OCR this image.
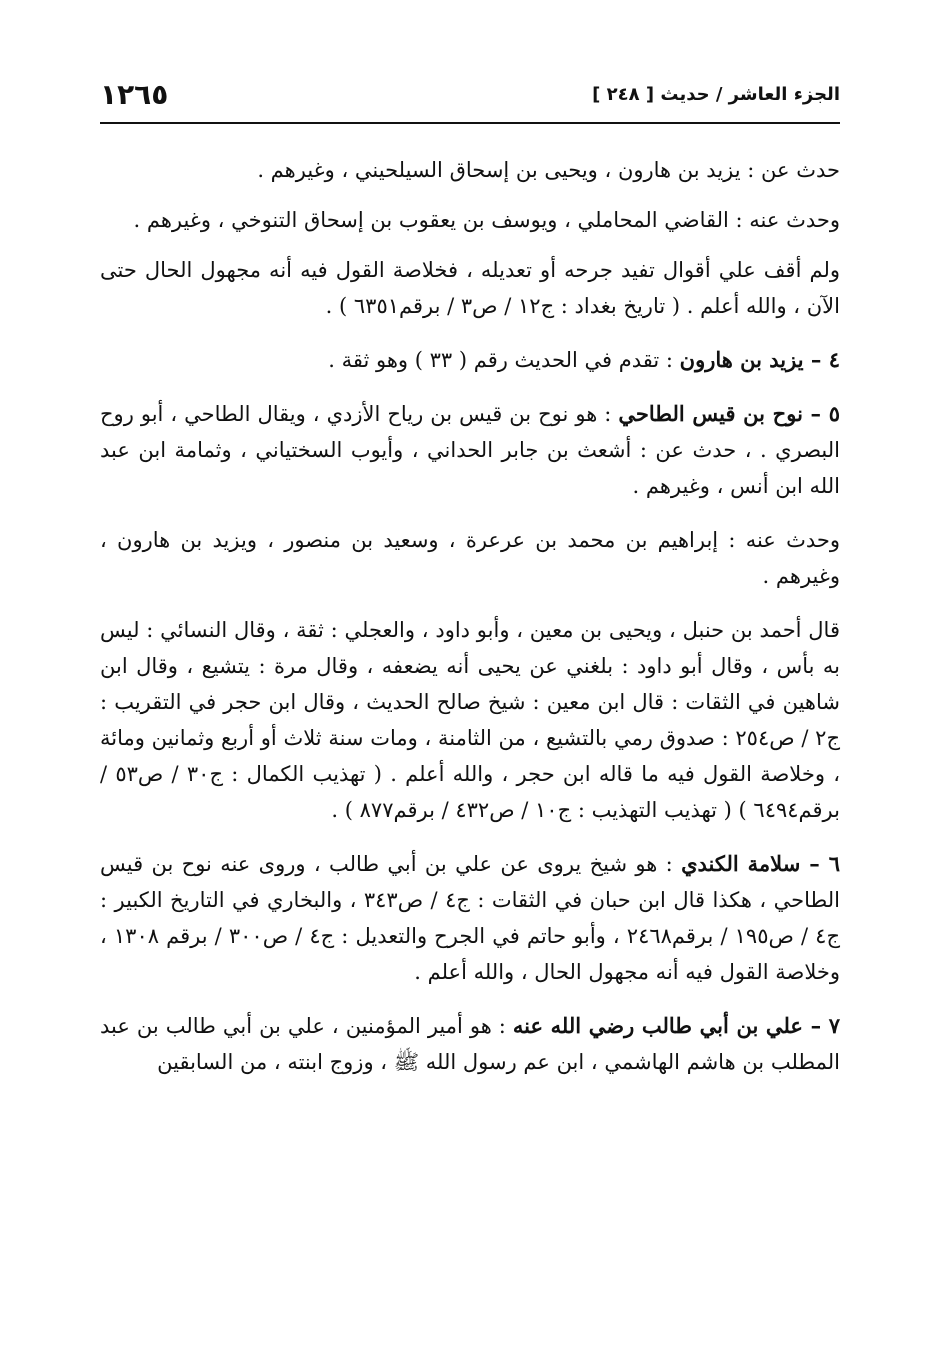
الجزء العاشر / حديث [ ٢٤٨ ]
١٢٦٥

حدث عن : يزيد بن هارون ، ويحيى بن إسحاق السيلحيني ، وغيرهم .

وحدث عنه : القاضي المحاملي ، ويوسف بن يعقوب بن إسحاق التنوخي ، وغيرهم .

ولم أقف علي أقوال تفيد جرحه أو تعديله ، فخلاصة القول فيه أنه مجهول الحال حتى الآن ، والله أعلم . ( تاريخ بغداد : ج١٢ / ص٣ / برقم٦٣٥١ ) .

٤ – يزيد بن هارون : تقدم في الحديث رقم ( ٣٣ ) وهو ثقة .

٥ – نوح بن قيس الطاحي : هو نوح بن قيس بن رياح الأزدي ، ويقال الطاحي ، أبو روح البصري . ، حدث عن : أشعث بن جابر الحداني ، وأيوب السختياني ، وثمامة ابن عبد الله ابن أنس ، وغيرهم .

وحدث عنه : إبراهيم بن محمد بن عرعرة ، وسعيد بن منصور ، ويزيد بن هارون ، وغيرهم .

قال أحمد بن حنبل ، ويحيى بن معين ، وأبو داود ، والعجلي : ثقة ، وقال النسائي : ليس به بأس ، وقال أبو داود : بلغني عن يحيى أنه يضعفه ، وقال مرة : يتشيع ، وقال ابن شاهين في الثقات : قال ابن معين : شيخ صالح الحديث ، وقال ابن حجر في التقريب : ج٢ / ص٢٥٤ : صدوق رمي بالتشيع ، من الثامنة ، ومات سنة ثلاث أو أربع وثمانين ومائة ، وخلاصة القول فيه ما قاله ابن حجر ، والله أعلم . ( تهذيب الكمال : ج٣٠ / ص٥٣ / برقم٦٤٩٤ ) ( تهذيب التهذيب : ج١٠ / ص٤٣٢ / برقم٨٧٧ ) .

٦ – سلامة الكندي : هو شيخ يروى عن علي بن أبي طالب ، وروى عنه نوح بن قيس الطاحي ، هكذا قال ابن حبان في الثقات : ج٤ / ص٣٤٣ ، والبخاري في التاريخ الكبير : ج٤ / ص١٩٥ / برقم٢٤٦٨ ، وأبو حاتم في الجرح والتعديل : ج٤ / ص٣٠٠ / برقم ١٣٠٨ ، وخلاصة القول فيه أنه مجهول الحال ، والله أعلم .

٧ – علي بن أبي طالب رضي الله عنه : هو أمير المؤمنين ، علي بن أبي طالب بن عبد المطلب بن هاشم الهاشمي ، ابن عم رسول الله ﷺ ، وزوج ابنته ، من السابقين
